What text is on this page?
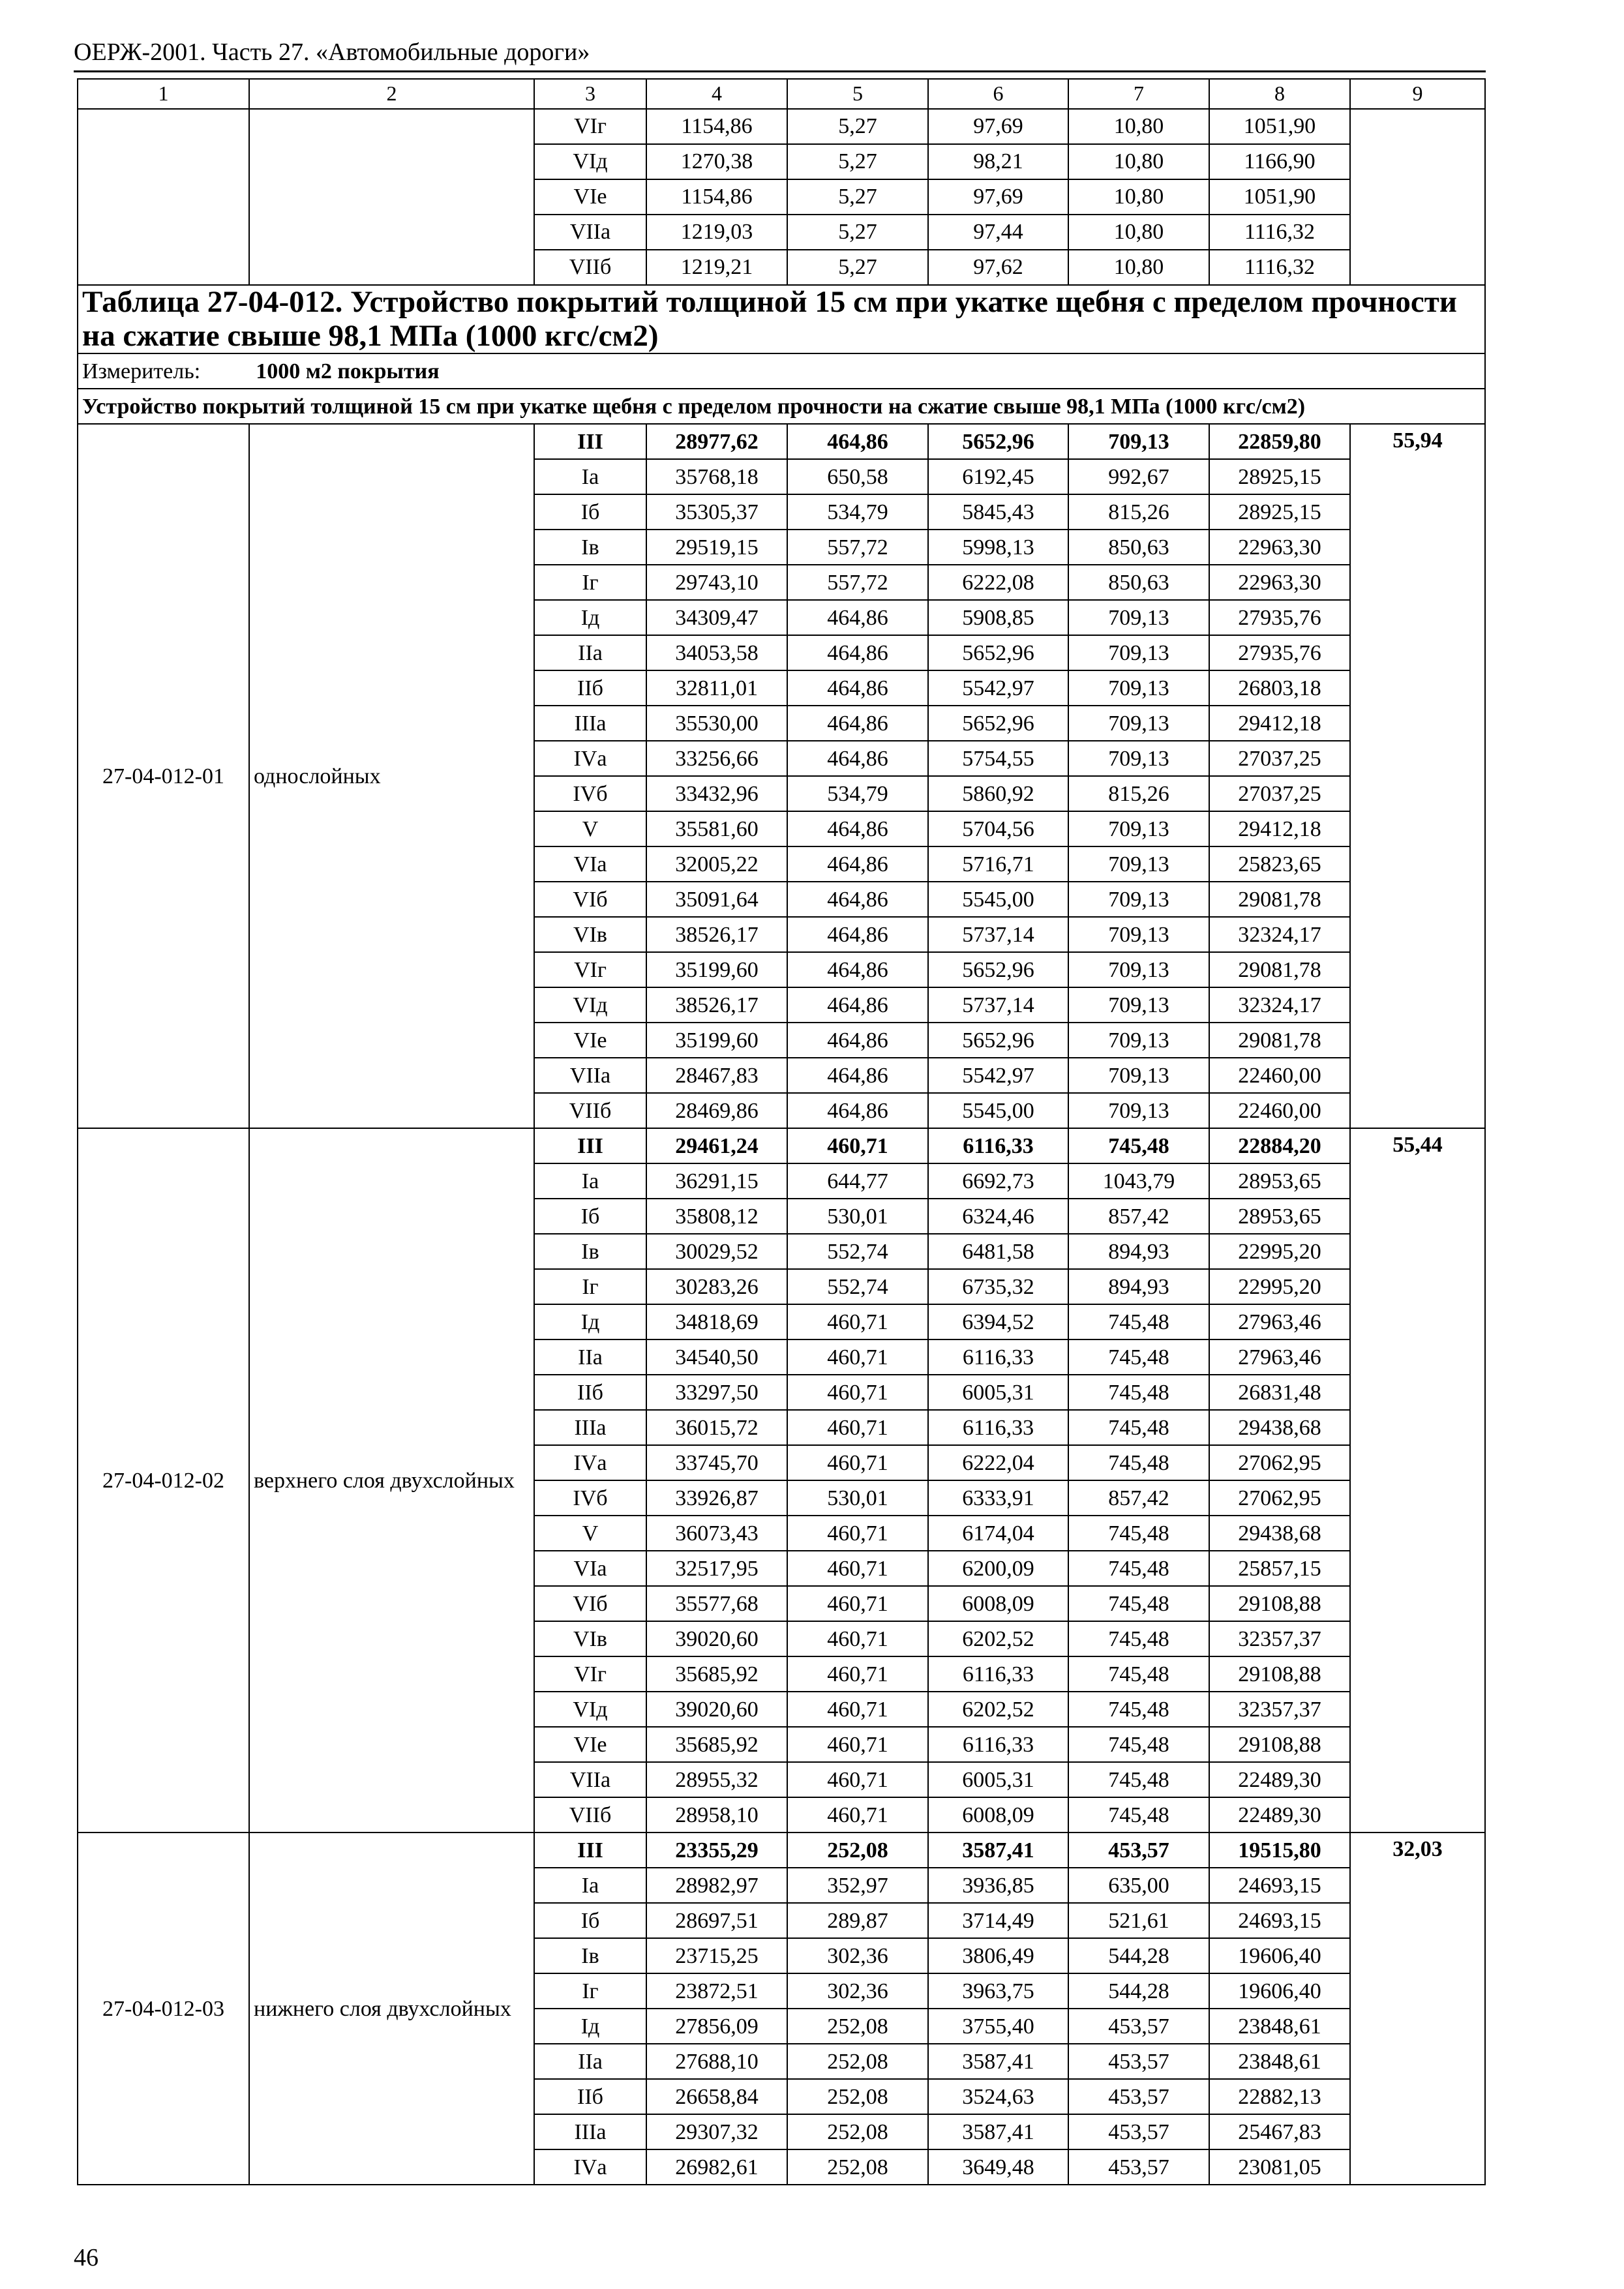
ОЕРЖ-2001. Часть 27. «Автомобильные дороги»
1	2	3	4	5	6	7	8	9
		VIг	1154,86	5,27	97,69	10,80	1051,90	
		VIд	1270,38	5,27	98,21	10,80	1166,90	
		VIе	1154,86	5,27	97,69	10,80	1051,90	
		VIIа	1219,03	5,27	97,44	10,80	1116,32	
		VIIб	1219,21	5,27	97,62	10,80	1116,32	
Таблица 27-04-012. Устройство покрытий толщиной 15 см при укатке щебня с пределом прочности на сжатие свыше 98,1 МПа (1000 кгс/см2)								
Измеритель: 1000 м2 покрытия								
Устройство покрытий толщиной 15 см при укатке щебня с пределом прочности на сжатие свыше 98,1 МПа (1000 кгс/см2)								
27-04-012-01	однослойных	III	28977,62	464,86	5652,96	709,13	22859,80	55,94
		Iа	35768,18	650,58	6192,45	992,67	28925,15	
		Iб	35305,37	534,79	5845,43	815,26	28925,15	
		Iв	29519,15	557,72	5998,13	850,63	22963,30	
		Iг	29743,10	557,72	6222,08	850,63	22963,30	
		Iд	34309,47	464,86	5908,85	709,13	27935,76	
		IIа	34053,58	464,86	5652,96	709,13	27935,76	
		IIб	32811,01	464,86	5542,97	709,13	26803,18	
		IIIа	35530,00	464,86	5652,96	709,13	29412,18	
		IVа	33256,66	464,86	5754,55	709,13	27037,25	
		IVб	33432,96	534,79	5860,92	815,26	27037,25	
		V	35581,60	464,86	5704,56	709,13	29412,18	
		VIа	32005,22	464,86	5716,71	709,13	25823,65	
		VIб	35091,64	464,86	5545,00	709,13	29081,78	
		VIв	38526,17	464,86	5737,14	709,13	32324,17	
		VIг	35199,60	464,86	5652,96	709,13	29081,78	
		VIд	38526,17	464,86	5737,14	709,13	32324,17	
		VIе	35199,60	464,86	5652,96	709,13	29081,78	
		VIIа	28467,83	464,86	5542,97	709,13	22460,00	
		VIIб	28469,86	464,86	5545,00	709,13	22460,00	
27-04-012-02	верхнего слоя двухслойных	III	29461,24	460,71	6116,33	745,48	22884,20	55,44
		Iа	36291,15	644,77	6692,73	1043,79	28953,65	
		Iб	35808,12	530,01	6324,46	857,42	28953,65	
		Iв	30029,52	552,74	6481,58	894,93	22995,20	
		Iг	30283,26	552,74	6735,32	894,93	22995,20	
		Iд	34818,69	460,71	6394,52	745,48	27963,46	
		IIа	34540,50	460,71	6116,33	745,48	27963,46	
		IIб	33297,50	460,71	6005,31	745,48	26831,48	
		IIIа	36015,72	460,71	6116,33	745,48	29438,68	
		IVа	33745,70	460,71	6222,04	745,48	27062,95	
		IVб	33926,87	530,01	6333,91	857,42	27062,95	
		V	36073,43	460,71	6174,04	745,48	29438,68	
		VIа	32517,95	460,71	6200,09	745,48	25857,15	
		VIб	35577,68	460,71	6008,09	745,48	29108,88	
		VIв	39020,60	460,71	6202,52	745,48	32357,37	
		VIг	35685,92	460,71	6116,33	745,48	29108,88	
		VIд	39020,60	460,71	6202,52	745,48	32357,37	
		VIе	35685,92	460,71	6116,33	745,48	29108,88	
		VIIа	28955,32	460,71	6005,31	745,48	22489,30	
		VIIб	28958,10	460,71	6008,09	745,48	22489,30	
27-04-012-03	нижнего слоя двухслойных	III	23355,29	252,08	3587,41	453,57	19515,80	32,03
		Iа	28982,97	352,97	3936,85	635,00	24693,15	
		Iб	28697,51	289,87	3714,49	521,61	24693,15	
		Iв	23715,25	302,36	3806,49	544,28	19606,40	
		Iг	23872,51	302,36	3963,75	544,28	19606,40	
		Iд	27856,09	252,08	3755,40	453,57	23848,61	
		IIа	27688,10	252,08	3587,41	453,57	23848,61	
		IIб	26658,84	252,08	3524,63	453,57	22882,13	
		IIIа	29307,32	252,08	3587,41	453,57	25467,83	
		IVа	26982,61	252,08	3649,48	453,57	23081,05	
46
